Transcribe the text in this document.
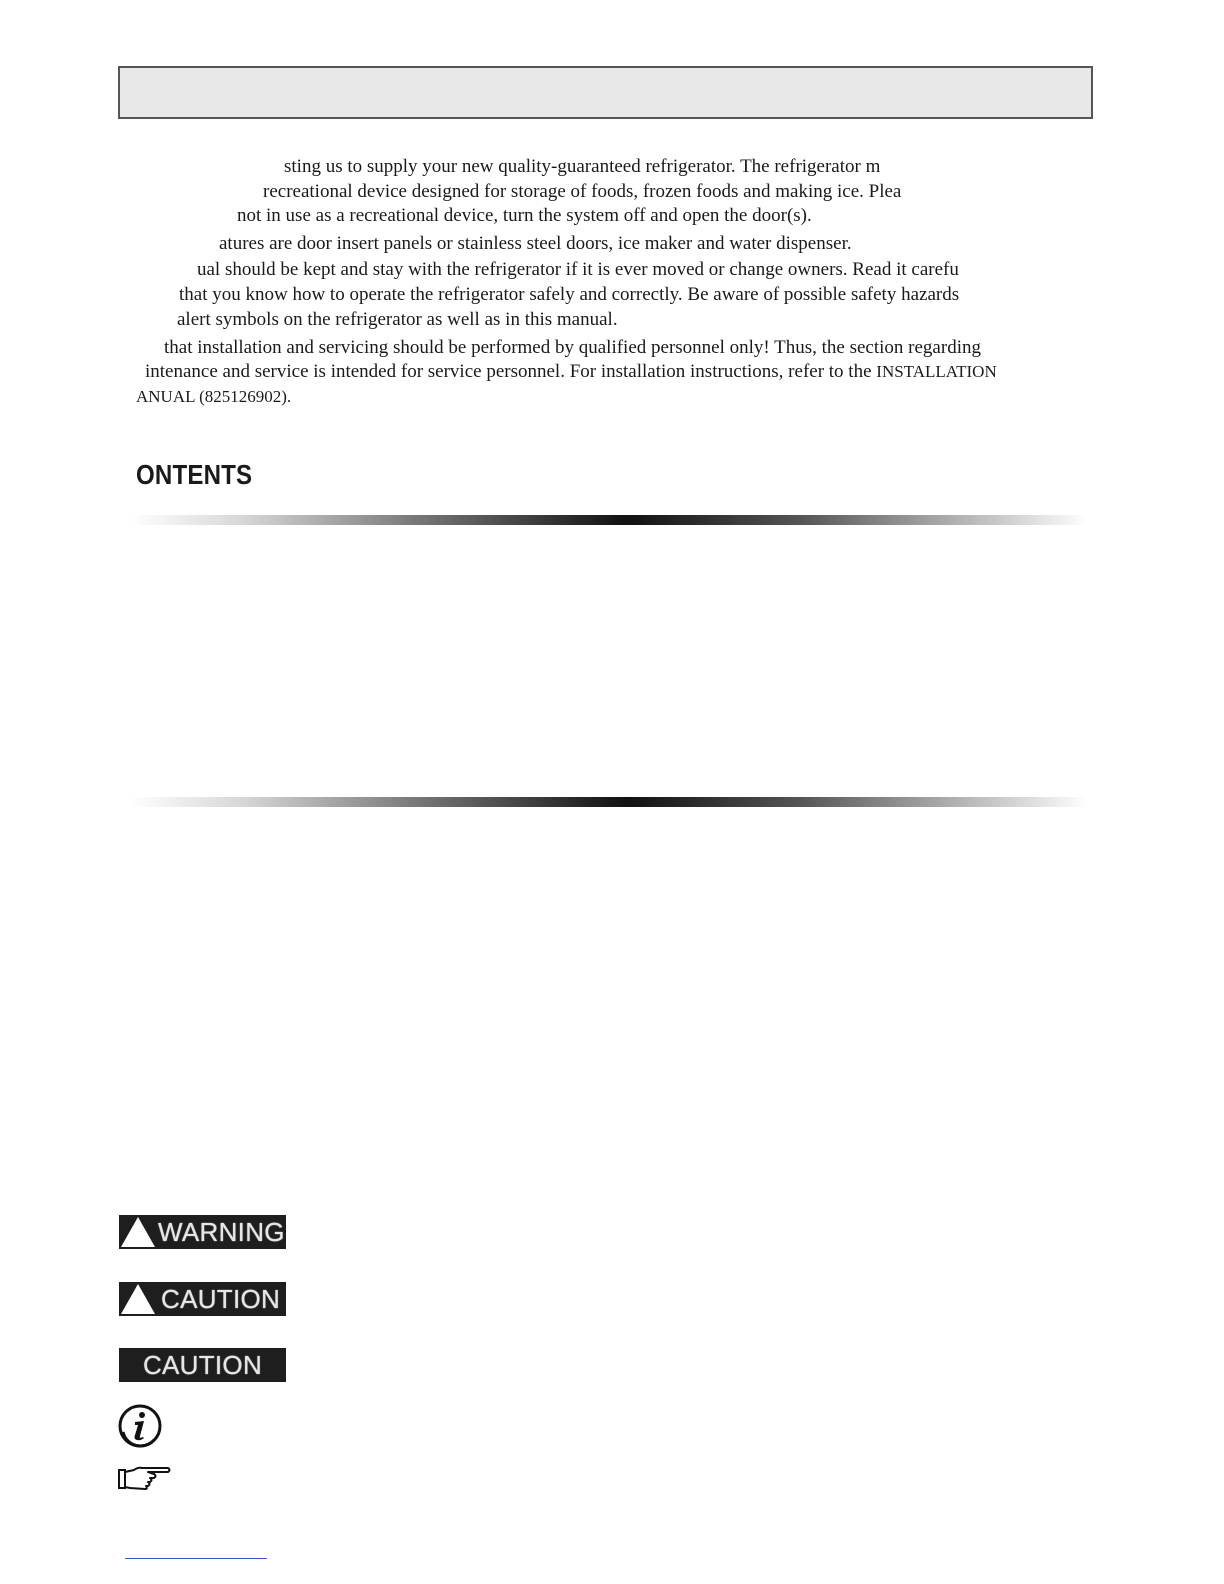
sting us to supply your new quality-guaranteed refrigerator. The refrigerator m
recreational device designed for storage of foods, frozen foods and making ice. Plea
not in use as a recreational device, turn the system off and open the door(s).
atures are door insert panels or stainless steel doors, ice maker and water dispenser.
ual should be kept and stay with the refrigerator if it is ever moved or change owners. Read it carefu
that you know how to operate the refrigerator safely and correctly. Be aware of possible safety hazards
alert symbols on the refrigerator as well as in this manual.
that installation and servicing should be performed by qualified personnel only! Thus, the section regarding
intenance and service is intended for service personnel. For installation instructions, refer to the INSTALLATION
ANUAL (825126902).
ONTENTS
WARNING
CAUTION
CAUTION
